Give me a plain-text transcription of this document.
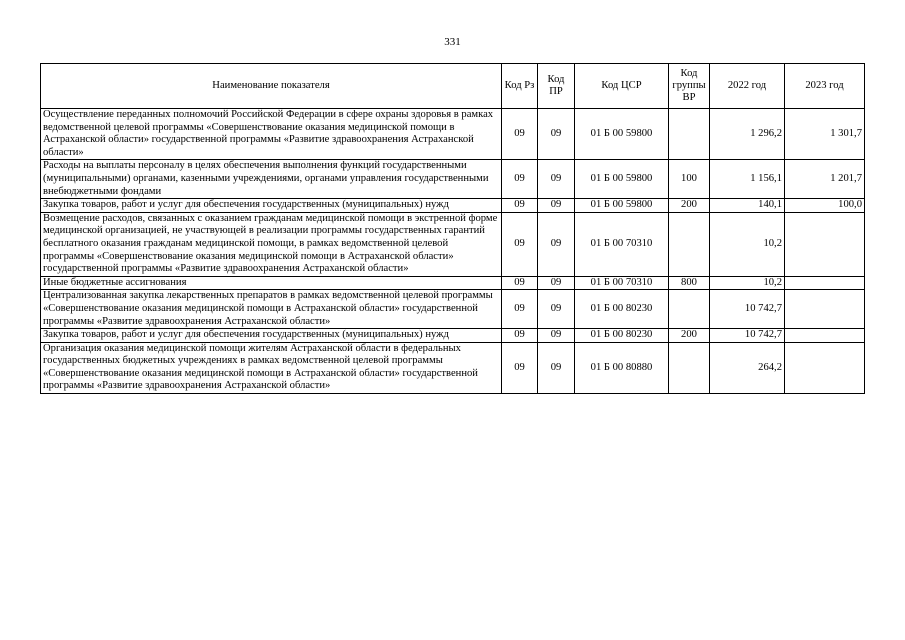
331
Наименование показателя	Код Рз	Код ПР	Код ЦСР	Код группы ВР	2022 год	2023 год
Осуществление переданных полномочий Российской Федерации в сфере охраны здоровья в рамках ведомственной целевой программы «Совершенствование оказания медицинской помощи в Астраханской области» государственной программы «Развитие здравоохранения Астраханской области»	09	09	01 Б 00 59800		1 296,2	1 301,7
Расходы на выплаты персоналу в целях обеспечения выполнения функций государственными (муниципальными) органами, казенными учреждениями, органами управления государственными внебюджетными фондами	09	09	01 Б 00 59800	100	1 156,1	1 201,7
Закупка товаров, работ и услуг для обеспечения государственных (муниципальных) нужд	09	09	01 Б 00 59800	200	140,1	100,0
Возмещение расходов, связанных с оказанием гражданам медицинской помощи в экстренной форме медицинской организацией, не участвующей в реализации программы государственных гарантий бесплатного оказания гражданам медицинской помощи, в рамках ведомственной целевой программы «Совершенствование оказания медицинской помощи в Астраханской области» государственной программы «Развитие здравоохранения Астраханской области»	09	09	01 Б 00 70310		10,2	
Иные бюджетные ассигнования	09	09	01 Б 00 70310	800	10,2	
Централизованная закупка лекарственных препаратов в рамках ведомственной целевой программы «Совершенствование оказания медицинской помощи в Астраханской области» государственной программы «Развитие здравоохранения Астраханской области»	09	09	01 Б 00 80230		10 742,7	
Закупка товаров, работ и услуг для обеспечения государственных (муниципальных) нужд	09	09	01 Б 00 80230	200	10 742,7	
Организация оказания медицинской помощи жителям Астраханской области в федеральных государственных бюджетных учреждениях в рамках ведомственной целевой программы «Совершенствование оказания медицинской помощи в Астраханской области» государственной программы «Развитие здравоохранения Астраханской области»	09	09	01 Б 00 80880		264,2	
